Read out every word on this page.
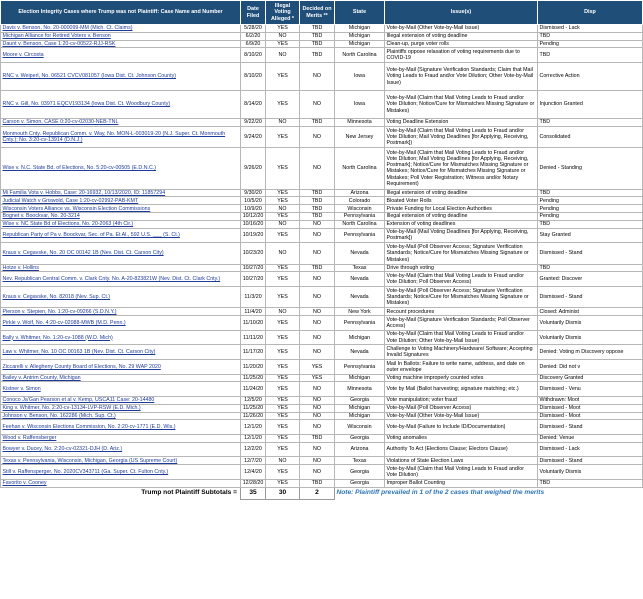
Election Integrity Cases where Trump was not Plaintiff: Case Name and Number	Date Filed	Illegal Voting Alleged *	Decided on Merits **	State	Issue(s)	Disp
Davis v. Benson, No. 20-000099-MM (Mich. Ct. Claims)	5/28/20	YES	TBD	Michigan	Vote-by-Mail (Other Vote-by-Mail Issue)	Dismissed - Lack
Michigan Alliance for Retired Voters v. Benson	6/2/20	NO	TBD	Michigan	Illegal extension of voting deadline	TBD
Daunt v. Benson, Case 1:20-cv-00522-RJJ-RSK	6/9/20	YES	TBD	Michigan	Clean-up, purge voter rolls	Pending
Moore v. Circosta	8/10/20	NO	TBD	North Carolina	Plaintiffs oppose relaxation of voting requirements due to COVID-19	TBD
RNC v. Weiperl, No. 06521 CVCV081057 (Iowa Dist. Ct. Johnson County)	8/10/20	YES	NO	Iowa	Vote-by-Mail (Signature Verification Standards; Claim that Mail Voting Leads to Fraud and/or Vote Dilution; Other Vote-by-Mail Issue)	Corrective Action
RNC v. Gill, No. 03971 EQCV193134 (Iowa Dist. Ct. Woodbury County)	8/14/20	YES	NO	Iowa	Vote-by-Mail (Claim that Mail Voting Leads to Fraud and/or Vote Dilution; Notice/Cure for Mismatches Missing Signature or Mistakes)	Injunction Granted
Carson v. Simon, CASE 0:20-cv-02030-NEB-TNL	9/22/20	NO	TBD	Minnesota	Voting Deadline Extension	TBD
Monmouth Cnty. Republican Comm. v. Way, No. MON-L-003019-20 (N.J. Super. Ct. Monmouth Cnty.); No. 3:20-cv-13914 (D.N.J.)	9/24/20	YES	NO	New Jersey	Vote-by-Mail (Claim that Mail Voting Leads to Fraud and/or Vote Dilution; Mail Voting Deadlines [for Applying, Receiving, Postmark])	Consolidated
Wise v. N.C. State Bd. of Elections, No. 5:20-cv-00505 (E.D.N.C.)	9/26/20	YES	NO	North Carolina	Vote-by-Mail (Claim that Mail Voting Leads to Fraud and/or Vote Dilution; Mail Voting Deadlines [for Applying, Receiving, Postmark]; Notice/Cure for Mismatches Missing Signature or Mistakes; Notice/Cure for Mismatches Missing Signature or Mistakes; Poll Voter Registration; Witness and/or Notary Requirement)	Denied - Standing
Mi Familia Vota v. Hobbs, Case: 20-16932, 10/13/2020, ID: 11857294	9/30/20	YES	TBD	Arizona	Illegal extension of voting deadline	TBD
Judicial Watch v Griswold, Case 1:20-cv-02992-PAB-KMT	10/5/20	YES	TBD	Colorado	Bloated Voter Rolls	Pending
Wisconsin Voters Alliance vs. Wisconsin Election Commissions	10/9/20	NO	TBD	Wisconsin	Private Funding for Local Election Authorities	Pending
Bognet v. Boockvar, No. 20-3214	10/12/20	YES	TBD	Pennsylvania	Illegal extension of voting deadline	Pending
Wise v. NC State Bd of Elections, No. 20-2063 (4th Cir.)	10/16/20	NO	NO	North Carolina	Extension of voting deadlines	TBD
Republican Party of Pa v. Boockvar, Sec. of Pa. Et Al., 592 U.S. ___ (S. Ct.)	10/19/20	YES	NO	Pennsylvania	Vote-by-Mail (Mail Voting Deadlines [for Applying, Receiving, Postmark])	Stay Granted
Kraus v. Cegavske, No. 20 OC 00142 1B (Nev. Dist. Ct. Carson City)	10/23/20	NO	NO	Nevada	Vote-by-Mail (Poll Observer Access; Signature Verification Standards; Notice/Cure for Mismatches Missing Signature or Mistakes)	Dismissed - Stand
Hotze v. Hollins	10/27/20	YES	TBD	Texas	Drive through voting	TBD
Nev. Republican Central Comm. v. Clark Cnty. No. A-20-823821W (Nev. Dist. Ct. Clark Cnty.)	10/27/20	YES	NO	Nevada	Vote-by-Mail (Claim that Mail Voting Leads to Fraud and/or Vote Dilution; Poll Observer Access)	Granted: Discover
Kraus v. Cegavske, No. 82018 (Nev. Sup. Ct.)	11/3/20	YES	NO	Nevada	Vote-by-Mail (Poll Observer Access; Signature Verification Standards; Notice/Cure for Mismatches Missing Signature or Mistakes)	Dismissed - Stand
Pierson v. Stepien, No. 1:20-cv-09266 (S.D.N.Y.)	11/4/20	NO	NO	New York	Recount procedures	Closed: Administ
Pirkle v. Wolf, No. 4:20-cv-02088-MWB (M.D. Penn.)	11/10/20	YES	NO	Pennsylvania	Vote-by-Mail (Signature Verification Standards; Poll Observer Access)	Voluntarily Dismis
Bally v. Whitmer, No. 1:20-cv-1088 (W.D. Mich)	11/11/20	YES	NO	Michigan	Vote-by-Mail (Claim that Mail Voting Leads to Fraud and/or Vote Dilution; Other Vote-by-Mail Issue)	Voluntarily Dismis
Law v. Whitmer, No. 10 OC 00163 1B (Nev. Dist. Ct. Carson City)	11/17/20	YES	NO	Nevada	Challenge to Voting Machinery/Hardware/ Software; Accepting Invalid Signatures	Denied: Voting m Discovery oppose
Ziccarelli v. Allegheny County Board of Elections, No. 29 WAP 2020	11/20/20	YES	YES	Pennsylvania	Mail In Ballots: Failure to write name, address, and date on outer envelope	Denied: Did not v
Bailey v. Antrim County, Michigan	11/25/20	YES	YES	Michigan	Voting machine improperly counted votes	Discovery Granted
Kistner v. Simon	11/24/20	YES	NO	Minnesota	Vote by Mail (Ballot harvesting; signature matching; etc.)	Dismissed - Venu
Conoco Ja'Gan Pearson et al v. Kemp, USCA11 Case: 20-14480	12/5/20	YES	NO	Georgia	Vote manipulation; voter fraud	Withdrawn: Moot
King v. Whitmer, No. 2:20-cv-13134-LVP-RSW (E.D. Mich.)	11/25/20	YES	NO	Michigan	Vote-by-Mail (Poll Observer Access)	Dismissed - Moot
Johnson v. Benson, No. 162286 (Mich. Sup. Ct.)	11/26/20	YES	NO	Michigan	Vote-by-Mail (Other Vote-by-Mail Issue)	Dismissed - Moot
Feehan v. Wisconsin Elections Commission, No. 2:20-cv-1771 (E.D. Wis.)	12/1/20	YES	NO	Wisconsin	Vote-by-Mail (Failure to Include ID/Documentation)	Dismissed - Stand
Wood v. Raffensberger	12/1/20	YES	TBD	Georgia	Voting anomalies	Denied: Venue
Bowyer v. Ducey, No. 2:20-cv-02321-DJH (D. Ariz.)	12/2/20	YES	NO	Arizona	Authority To Act (Elections Clause; Electors Clause)	Dismissed - Lack
Texas v. Pennsylvania, Wisconsin, Michigan, Georgia (US Supreme Court)	12/7/20	NO	NO	Texas	Violations of State Election Laws	Dismissed - Stand
Still v. Raffensperger, No. 2020CV343711 (Ga. Super. Ct. Fulton Cnty.)	12/4/20	YES	NO	Georgia	Vote-by-Mail (Claim that Mail Voting Leads to Fraud and/or Vote Dilution)	Voluntarily Dismis
Favorito v. Cooney	12/28/20	YES	TBD	Georgia	Improper Ballot Counting	TBD
Trump not Plaintiff Subtotals =	35	30	2	Note: Plaintiff prevailed in 1 of the 2 cases that weighed the merits		
